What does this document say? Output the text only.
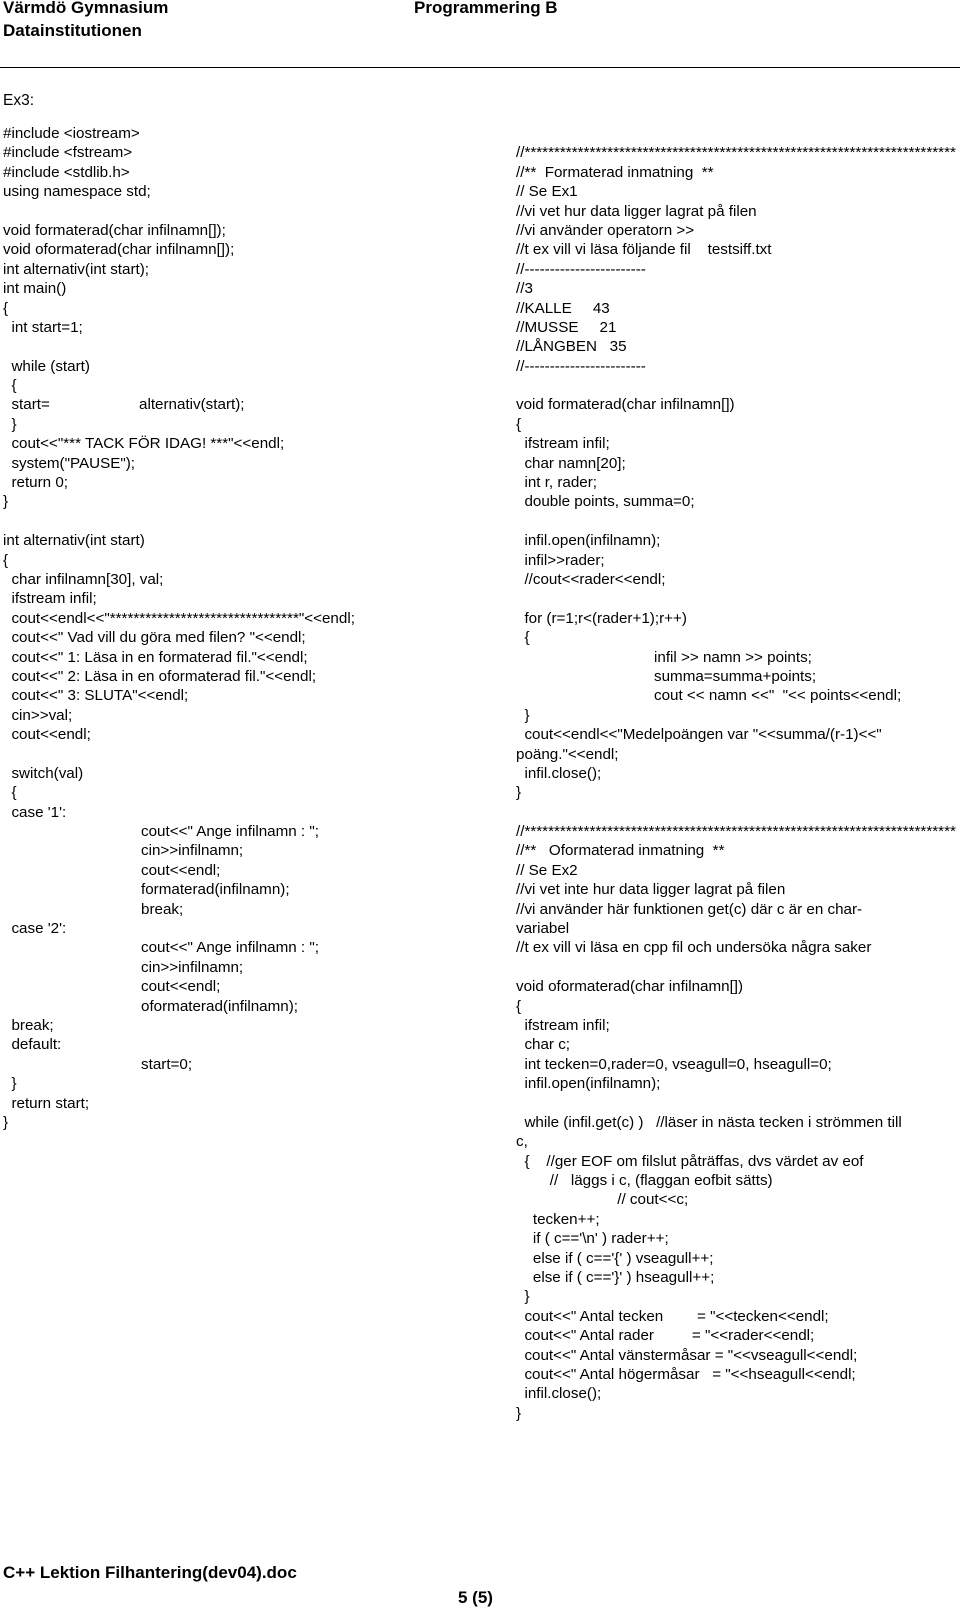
Värmdö Gymnasium
Datainstitutionen
Programmering B
Ex3:
#include <iostream>
#include <fstream>
#include <stdlib.h>
using namespace std;
void formaterad(char infilnamn[]);
void oformaterad(char infilnamn[]);
int alternativ(int start);
int main()
{
int start=1;
while (start)
{
start=	alternativ(start);
}
cout<<"*** TACK FÖR IDAG! ***"<<endl;
system("PAUSE");
return 0;
}
int alternativ(int start)
{
char infilnamn[30], val;
ifstream infil;
cout<<endl<<"********************************"<<endl;
cout<<" Vad vill du göra med filen? "<<endl;
cout<<" 1: Läsa in en formaterad fil."<<endl;
cout<<" 2: Läsa in en oformaterad fil."<<endl;
cout<<" 3: SLUTA"<<endl;
cin>>val;
cout<<endl;
switch(val)
{
case '1':
cout<<" Ange infilnamn : ";
cin>>infilnamn;
cout<<endl;
formaterad(infilnamn);
break;
case '2':
cout<<" Ange infilnamn : ";
cin>>infilnamn;
cout<<endl;
oformaterad(infilnamn);
break;
default:
start=0;
}
return start;
}
//*************************************************************************
//**  Formaterad inmatning  **
// Se Ex1
//vi vet hur data ligger lagrat på filen
//vi använder operatorn >>
//t ex vill vi läsa följande fil    testsiff.txt
//------------------------
//3
//KALLE     43
//MUSSE     21
//LÅNGBEN   35
//------------------------
void formaterad(char infilnamn[])
{
ifstream infil;
char namn[20];
int r, rader;
double points, summa=0;
infil.open(infilnamn);
infil>>rader;
//cout<<rader<<endl;
for (r=1;r<(rader+1);r++)
{
infil >> namn >> points;
summa=summa+points;
cout << namn <<"  "<< points<<endl;
}
cout<<endl<<"Medelpoängen var "<<summa/(r-1)<<"
poäng."<<endl;
infil.close();
}
//*************************************************************************
//**   Oformaterad inmatning  **
// Se Ex2
//vi vet inte hur data ligger lagrat på filen
//vi använder här funktionen get(c) där c är en char-
variabel
//t ex vill vi läsa en cpp fil och undersöka några saker
void oformaterad(char infilnamn[])
{
ifstream infil;
char c;
int tecken=0,rader=0, vseagull=0, hseagull=0;
infil.open(infilnamn);
while (infil.get(c) )   //läser in nästa tecken i strömmen till
c,
{    //ger EOF om filslut påträffas, dvs värdet av eof
//   läggs i c, (flaggan eofbit sätts)
// cout<<c;
tecken++;
if ( c=='\n' ) rader++;
else if ( c=='{' ) vseagull++;
else if ( c=='}' ) hseagull++;
}
cout<<" Antal tecken        = "<<tecken<<endl;
cout<<" Antal rader         = "<<rader<<endl;
cout<<" Antal vänstermåsar = "<<vseagull<<endl;
cout<<" Antal högermåsar   = "<<hseagull<<endl;
infil.close();
}
C++ Lektion Filhantering(dev04).doc
5 (5)
